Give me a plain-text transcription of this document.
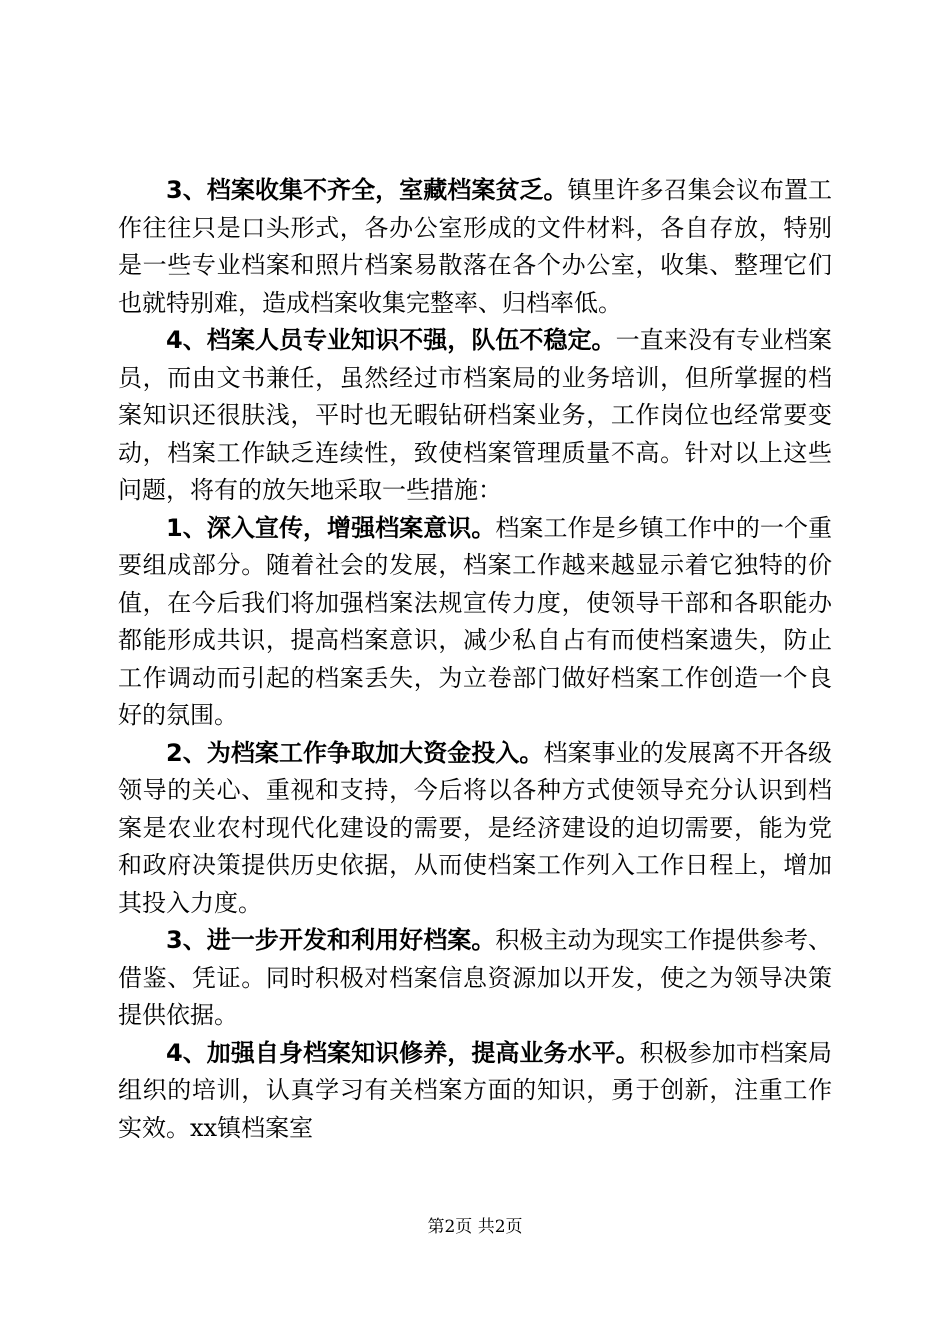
3、档案收集不齐全，室藏档案贫乏。镇里许多召集会议布置工作往往只是口头形式，各办公室形成的文件材料，各自存放，特别是一些专业档案和照片档案易散落在各个办公室，收集、整理它们也就特别难，造成档案收集完整率、归档率低。

4、档案人员专业知识不强，队伍不稳定。一直来没有专业档案员，而由文书兼任，虽然经过市档案局的业务培训，但所掌握的档案知识还很肤浅，平时也无暇钻研档案业务，工作岗位也经常要变动，档案工作缺乏连续性，致使档案管理质量不高。针对以上这些问题，将有的放矢地采取一些措施：

1、深入宣传，增强档案意识。档案工作是乡镇工作中的一个重要组成部分。随着社会的发展，档案工作越来越显示着它独特的价值，在今后我们将加强档案法规宣传力度，使领导干部和各职能办都能形成共识，提高档案意识，减少私自占有而使档案遗失，防止工作调动而引起的档案丢失，为立卷部门做好档案工作创造一个良好的氛围。

2、为档案工作争取加大资金投入。档案事业的发展离不开各级领导的关心、重视和支持，今后将以各种方式使领导充分认识到档案是农业农村现代化建设的需要，是经济建设的迫切需要，能为党和政府决策提供历史依据，从而使档案工作列入工作日程上，增加其投入力度。

3、进一步开发和利用好档案。积极主动为现实工作提供参考、借鉴、凭证。同时积极对档案信息资源加以开发，使之为领导决策提供依据。

4、加强自身档案知识修养，提高业务水平。积极参加市档案局组织的培训，认真学习有关档案方面的知识，勇于创新，注重工作实效。xx镇档案室

第2页 共2页
